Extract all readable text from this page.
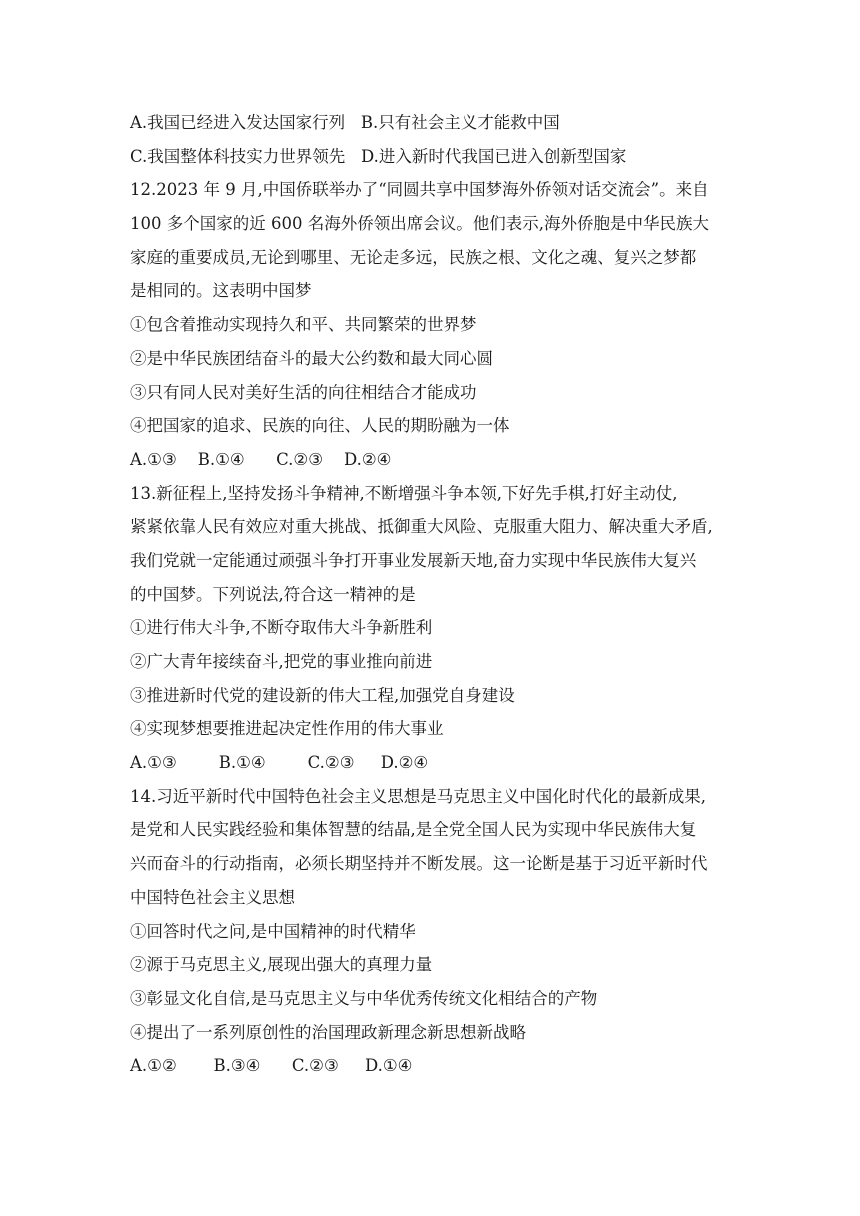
A.我国已经进入发达国家行列   B.只有社会主义才能救中国
C.我国整体科技实力世界领先   D.进入新时代我国已进入创新型国家
12.2023 年 9 月,中国侨联举办了“同圆共享中国梦海外侨领对话交流会”。来自
100 多个国家的近 600 名海外侨领出席会议。他们表示,海外侨胞是中华民族大
家庭的重要成员,无论到哪里、无论走多远，民族之根、文化之魂、复兴之梦都
是相同的。这表明中国梦
①包含着推动实现持久和平、共同繁荣的世界梦
②是中华民族团结奋斗的最大公约数和最大同心圆
③只有同人民对美好生活的向往相结合才能成功
④把国家的追求、民族的向往、人民的期盼融为一体
A.①③    B.①④      C.②③    D.②④
13.新征程上,坚持发扬斗争精神,不断增强斗争本领,下好先手棋,打好主动仗,
紧紧依靠人民有效应对重大挑战、抵御重大风险、克服重大阻力、解决重大矛盾,
我们党就一定能通过顽强斗争打开事业发展新天地,奋力实现中华民族伟大复兴
的中国梦。下列说法,符合这一精神的是
①进行伟大斗争,不断夺取伟大斗争新胜利
②广大青年接续奋斗,把党的事业推向前进
③推进新时代党的建设新的伟大工程,加强党自身建设
④实现梦想要推进起决定性作用的伟大事业
A.①③        B.①④        C.②③     D.②④
14.习近平新时代中国特色社会主义思想是马克思主义中国化时代化的最新成果,
是党和人民实践经验和集体智慧的结晶,是全党全国人民为实现中华民族伟大复
兴而奋斗的行动指南，必须长期坚持并不断发展。这一论断是基于习近平新时代
中国特色社会主义思想
①回答时代之问,是中国精神的时代精华
②源于马克思主义,展现出强大的真理力量
③彰显文化自信,是马克思主义与中华优秀传统文化相结合的产物
④提出了一系列原创性的治国理政新理念新思想新战略
A.①②       B.③④      C.②③     D.①④
